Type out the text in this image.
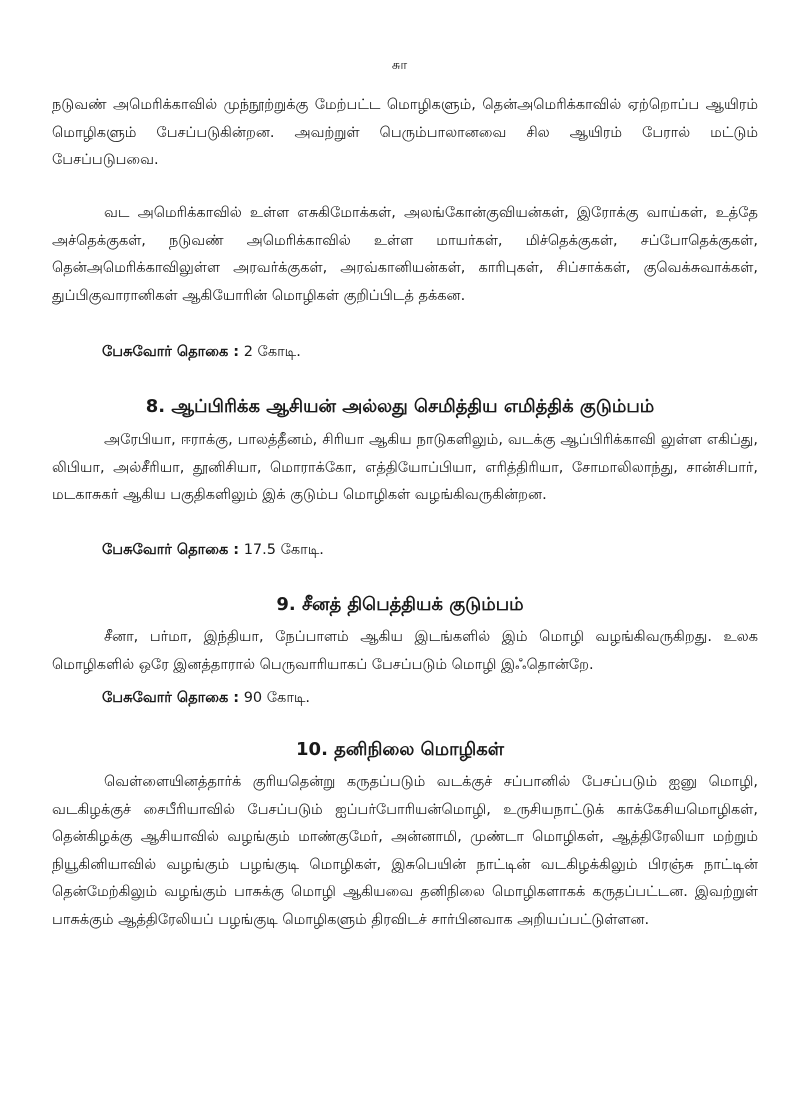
சுா

நடுவண் அமெரிக்காவில் முந்நூற்றுக்கு மேற்பட்ட மொழிகளும், தென்அமெரிக்காவில் ஏற்றொப்ப ஆயிரம் மொழிகளும் பேசப்படுகின்றன. அவற்றுள் பெரும்பாலானவை சில ஆயிரம் பேரால் மட்டும் பேசப்படுபவை.

வட அமெரிக்காவில் உள்ள எசுகிமோக்கள், அலங்கோன்குவியன்கள், இரோக்கு வாய்கள், உத்தே அச்தெக்குகள், நடுவண் அமெரிக்காவில் உள்ள மாயர்கள், மிச்தெக்குகள், சப்போதெக்குகள், தென்அமெரிக்காவிலுள்ள அரவர்க்குகள், அரவ்கானியன்கள், காரிபுகள், சிப்சாக்கள், குவெக்சுவாக்கள், துப்பிகுவாரானிகள் ஆகியோரின் மொழிகள் குறிப்பிடத் தக்கன.

பேசுவோர் தொகை : 2 கோடி.
8. ஆப்பிரிக்க ஆசியன் அல்லது செமித்திய எமித்திக் குடும்பம்

அரேபியா, ஈராக்கு, பாலத்தீனம், சிரியா ஆகிய நாடுகளிலும், வடக்கு ஆப்பிரிக்காவி லுள்ள எகிப்து, லிபியா, அல்சீரியா, தூனிசியா, மொராக்கோ, எத்தியோப்பியா, எரித்திரியா, சோமாலிலாந்து, சான்சிபார், மடகாசுகர் ஆகிய பகுதிகளிலும் இக் குடும்ப மொழிகள் வழங்கிவருகின்றன.

பேசுவோர் தொகை : 17.5 கோடி.
9. சீனத் திபெத்தியக் குடும்பம்

சீனா, பர்மா, இந்தியா, நேப்பாளம் ஆகிய இடங்களில் இம் மொழி வழங்கிவருகிறது. உலக மொழிகளில் ஒரே இனத்தாரால் பெருவாரியாகப் பேசப்படும் மொழி இஃதொன்றே.

பேசுவோர் தொகை : 90 கோடி.
10. தனிநிலை மொழிகள்

வெள்ளையினத்தார்க் குரியதென்று கருதப்படும் வடக்குச் சப்பானில் பேசப்படும் ஐனு மொழி, வடகிழக்குச் சைபீரியாவில் பேசப்படும் ஐப்பர்போரியன்மொழி, உருசியநாட்டுக் காக்கேசியமொழிகள், தென்கிழக்கு ஆசியாவில் வழங்கும் மாண்குமேர், அன்னாமி, முண்டா மொழிகள், ஆத்திரேலியா மற்றும் நியூகினியாவில் வழங்கும் பழங்குடி மொழிகள், இசுபெயின் நாட்டின் வடகிழக்கிலும் பிரஞ்சு நாட்டின் தென்மேற்கிலும் வழங்கும் பாசுக்கு மொழி ஆகியவை தனிநிலை மொழிகளாகக் கருதப்பட்டன. இவற்றுள் பாசுக்கும் ஆத்திரேலியப் பழங்குடி மொழிகளும் திரவிடச் சார்பினவாக அறியப்பட்டுள்ளன.
